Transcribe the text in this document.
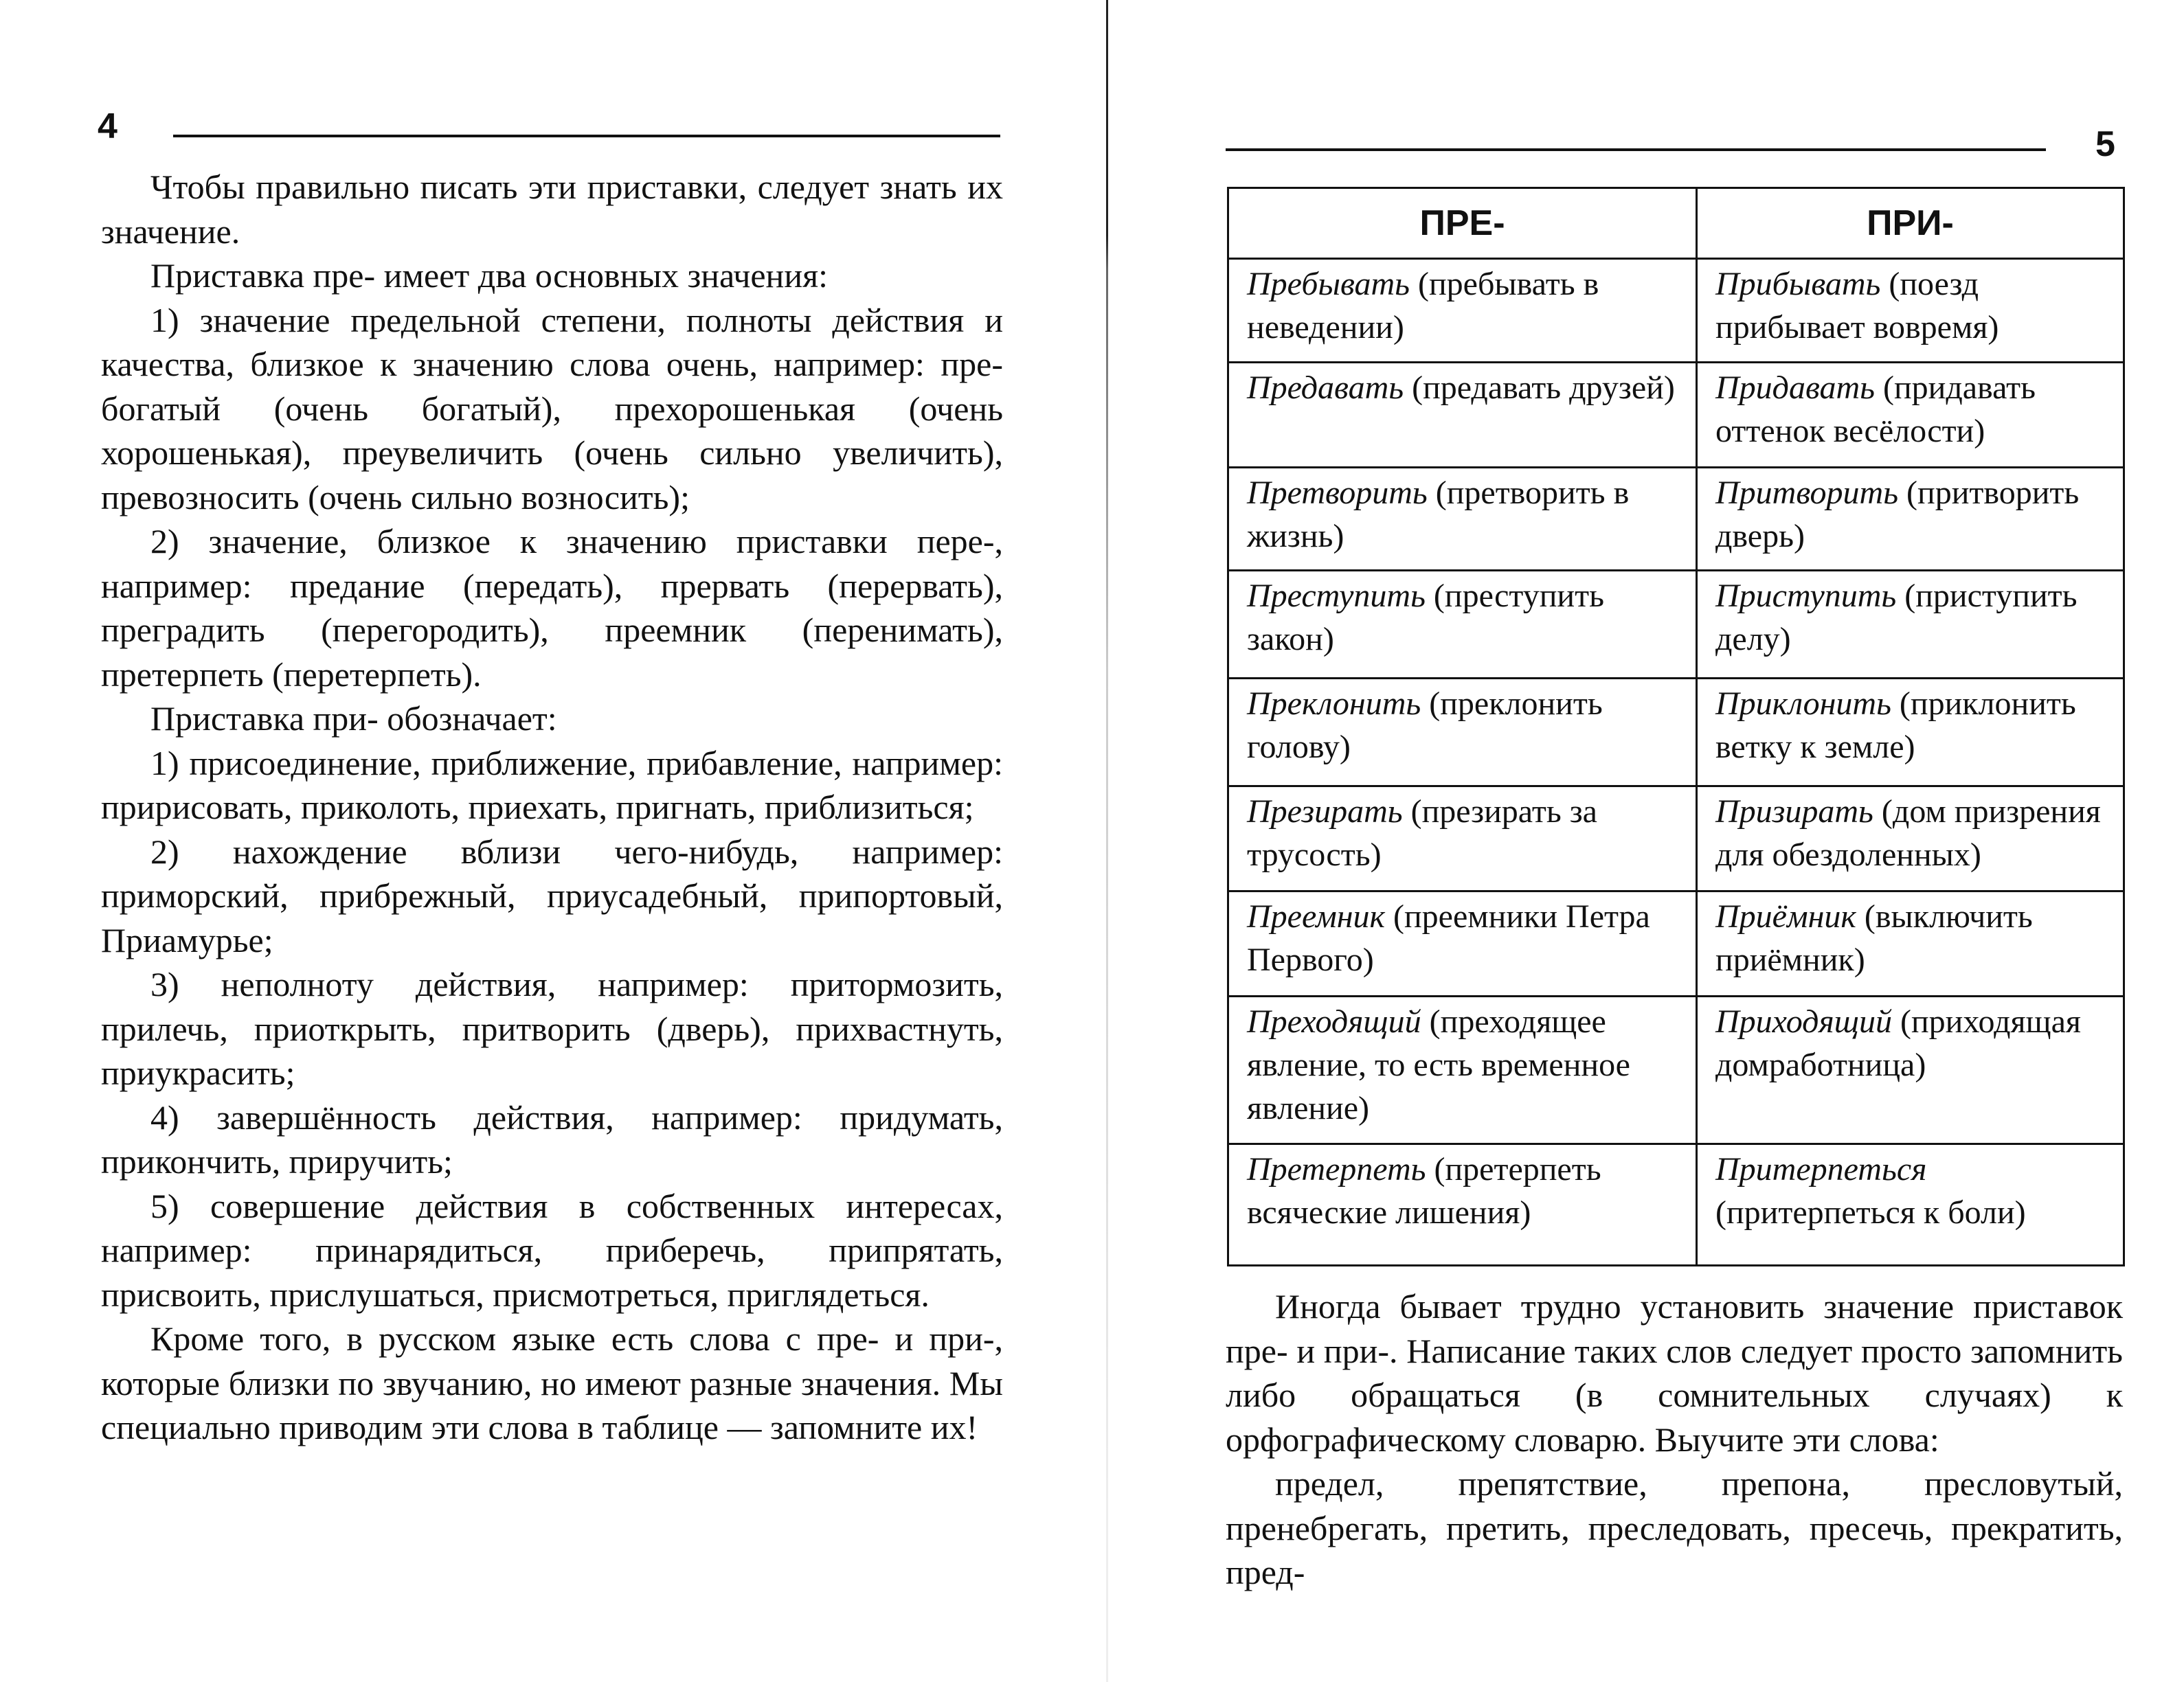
4

Чтобы правильно писать эти приставки, следует знать их значение.

Приставка пре- имеет два основных значения:

1) значение предельной степени, полноты действия и качества, близкое к значению слова очень, например: пре-богатый (очень богатый), прехорошенькая (очень хорошенькая), преувеличить (очень сильно увеличить), превозносить (очень сильно возносить);

2) значение, близкое к значению приставки пере-, например: предание (передать), прервать (перервать), преградить (перегородить), преемник (перенимать), претерпеть (перетерпеть).

Приставка при- обозначает:

1) присоединение, приближение, прибавление, например: пририсовать, приколоть, приехать, пригнать, приблизиться;

2) нахождение вблизи чего-нибудь, например: приморский, прибрежный, приусадебный, припортовый, Приамурье;

3) неполноту действия, например: притормозить, прилечь, приоткрыть, притворить (дверь), прихвастнуть, приукрасить;

4) завершённость действия, например: придумать, прикончить, приручить;

5) совершение действия в собственных интересах, например: принарядиться, приберечь, припрятать, присвоить, прислушаться, присмотреться, приглядеться.

Кроме того, в русском языке есть слова с пре- и при-, которые близки по звучанию, но имеют разные значения. Мы специально приводим эти слова в таблице — запомните их!

5
ПРЕ-	ПРИ-
Пребывать (пребывать в неведении)	Прибывать (поезд прибывает вовремя)
Предавать (предавать друзей)	Придавать (придавать оттенок весёлости)
Претворить (претворить в жизнь)	Притворить (притворить дверь)
Преступить (преступить закон)	Приступить (приступить делу)
Преклонить (преклонить голову)	Приклонить (приклонить ветку к земле)
Презирать (презирать за трусость)	Призирать (дом призрения для обездоленных)
Преемник (преемники Петра Первого)	Приёмник (выключить приёмник)
Преходящий (преходящее явление, то есть временное явление)	Приходящий (приходящая домработница)
Претерпеть (претерпеть всяческие лишения)	Притерпеться (притерпеться к боли)

Иногда бывает трудно установить значение приставок пре- и при-. Написание таких слов следует просто запомнить либо обращаться (в сомнительных случаях) к орфографическому словарю. Выучите эти слова:

предел, препятствие, препона, пресловутый, пренебрегать, претить, преследовать, пресечь, прекратить, пред-
